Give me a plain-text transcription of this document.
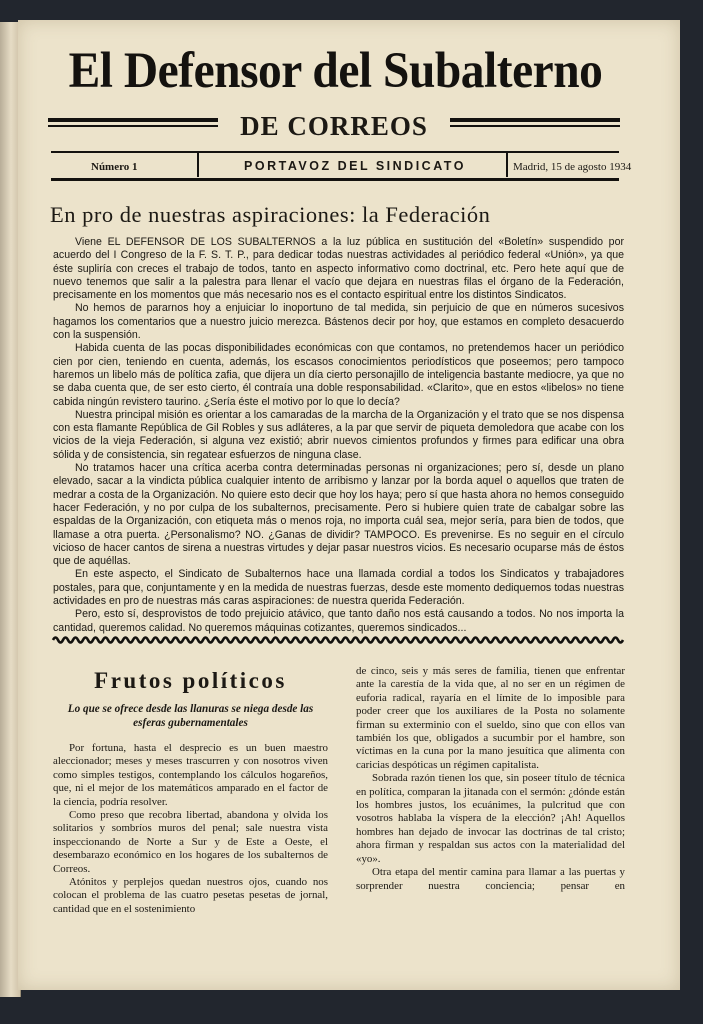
El Defensor del Subalterno
DE CORREOS
Número 1	PORTAVOZ DEL SINDICATO	Madrid, 15 de agosto 1934
En pro de nuestras aspiraciones: la Federación

Viene EL DEFENSOR DE LOS SUBALTERNOS a la luz pública en sustitución del «Boletín» suspendido por acuerdo del I Congreso de la F. S. T. P., para dedicar todas nuestras actividades al periódico federal «Unión», ya que éste supliría con creces el trabajo de todos, tanto en aspecto informativo como doctrinal, etc. Pero hete aquí que de nuevo tenemos que salir a la palestra para llenar el vacío que dejara en nuestras filas el órgano de la Federación, precisamente en los momentos que más necesario nos es el contacto espiritual entre los distintos Sindicatos.

No hemos de pararnos hoy a enjuiciar lo inoportuno de tal medida, sin perjuicio de que en números sucesivos hagamos los comentarios que a nuestro juicio merezca. Bástenos decir por hoy, que estamos en completo desacuerdo con la suspensión.

Habida cuenta de las pocas disponibilidades económicas con que contamos, no pretendemos hacer un periódico cien por cien, teniendo en cuenta, además, los escasos conocimientos periodísticos que poseemos; pero tampoco haremos un libelo más de política zafia, que dijera un día cierto personajillo de inteligencia bastante mediocre, ya que no se daba cuenta que, de ser esto cierto, él contraía una doble responsabilidad. «Clarito», que en estos «libelos» no tiene cabida ningún revistero taurino. ¿Sería éste el motivo por lo que lo decía?

Nuestra principal misión es orientar a los camaradas de la marcha de la Organización y el trato que se nos dispensa con esta flamante República de Gil Robles y sus adláteres, a la par que servir de piqueta demoledora que acabe con los vicios de la vieja Federación, si alguna vez existió; abrir nuevos cimientos profundos y firmes para edificar una obra sólida y de consistencia, sin regatear esfuerzos de ninguna clase.

No tratamos hacer una crítica acerba contra determinadas personas ni organizaciones; pero sí, desde un plano elevado, sacar a la vindicta pública cualquier intento de arribismo y lanzar por la borda aquel o aquellos que traten de medrar a costa de la Organización. No quiere esto decir que hoy los haya; pero sí que hasta ahora no hemos conseguido hacer Federación, y no por culpa de los subalternos, precisamente. Pero si hubiere quien trate de cabalgar sobre las espaldas de la Organización, con etiqueta más o menos roja, no importa cuál sea, mejor sería, para bien de todos, que llamase a otra puerta. ¿Personalismo? NO. ¿Ganas de dividir? TAMPOCO. Es prevenirse. Es no seguir en el círculo vicioso de hacer cantos de sirena a nuestras virtudes y dejar pasar nuestros vicios. Es necesario ocuparse más de éstos que de aquéllas.

En este aspecto, el Sindicato de Subalternos hace una llamada cordial a todos los Sindicatos y trabajadores postales, para que, conjuntamente y en la medida de nuestras fuerzas, desde este momento dediquemos todas nuestras actividades en pro de nuestras más caras aspiraciones: de nuestra querida Federación.

Pero, esto sí, desprovistos de todo prejuicio atávico, que tanto daño nos está causando a todos. No nos importa la cantidad, queremos calidad. No queremos máquinas cotizantes, queremos sindicados...

Frutos políticos
Lo que se ofrece desde las llanuras se niega desde las esferas gubernamentales

Por fortuna, hasta el desprecio es un buen maestro aleccionador; meses y meses trascurren y con nosotros viven como simples testigos, contemplando los cálculos hogareños, que, ni el mejor de los matemáticos amparado en el factor de la ciencia, podría resolver.

Como preso que recobra libertad, abandona y olvida los solitarios y sombríos muros del penal; sale nuestra vista inspeccionando de Norte a Sur y de Este a Oeste, el desembarazo económico en los hogares de los subalternos de Correos.

Atónitos y perplejos quedan nuestros ojos, cuando nos colocan el problema de las cuatro pesetas pesetas de jornal, cantidad que en el sostenimiento

de cinco, seis y más seres de familia, tienen que enfrentar ante la carestía de la vida que, al no ser en un régimen de euforia radical, rayaría en el límite de lo imposible para poder creer que los auxiliares de la Posta no solamente firman su exterminio con el sueldo, sino que con ellos van también los que, obligados a sucumbir por el hambre, son víctimas en la cuna por la mano jesuítica que alimenta con caricias despóticas un régimen capitalista.

Sobrada razón tienen los que, sin poseer título de técnica en política, comparan la jitanada con el sermón: ¿dónde están los hombres justos, los ecuánimes, la pulcritud que con vosotros hablaba la víspera de la elección? ¡Ah! Aquellos hombres han dejado de invocar las doctrinas de tal cristo; ahora firman y respaldan sus actos con la materialidad del «yo».

Otra etapa del mentir camina para llamar a las puertas y sorprender nuestra conciencia; pensar en
